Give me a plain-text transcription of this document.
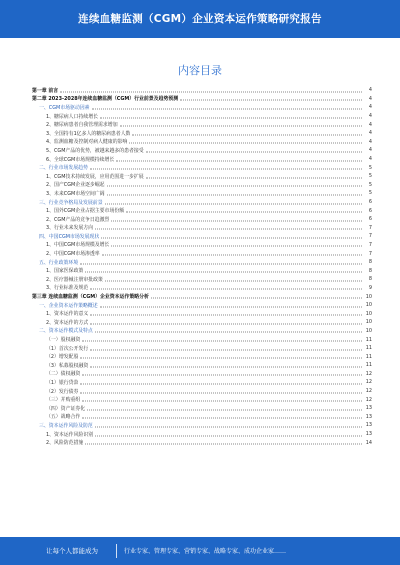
连续血糖监测（CGM）企业资本运作策略研究报告
内容目录
第一章 前言	4
第二章 2023-2028年连续血糖监测（CGM）行业前景及趋势预测	4
一、CGM市场驱动因素	4
1、糖尿病人口持续增长	4
2、糖尿病患者自我管理需求增加	4
3、全国持有1亿多人的糖尿病患者人数	4
4、监测血糖及控制对病人健康的影响	4
5、CGM产品的优势，被越来越多的患者接受	4
6、全球CGM市场规模持续增长	4
二、行业市场发展趋势	5
1、CGM技术持续发展，应用范围进一步扩展	5
2、国产CGM企业逐步崛起	5
3、未来CGM市场空间广阔	5
三、行业竞争格局及发展前景	6
1、国外CGM企业占据主要市场份额	6
2、CGM产品的竞争日趋激烈	6
3、行业未来发展方向	7
四、中国CGM市场发展现状	7
1、中国CGM市场规模及增长	7
2、中国CGM市场渗透率	7
五、行业政策环境	8
1、国家医保政策	8
2、医疗器械注册审批政策	8
3、行业标准及规范	9
第三章 连续血糖监测（CGM）企业资本运作策略分析	10
一、企业资本运作策略概述	10
1、资本运作的意义	10
2、资本运作的方式	10
二、资本运作模式及特点	10
（一）股权融资	11
（1）首次公开发行	11
（2）增发配股	11
（3）私募股权融资	11
（二）债权融资	12
（1）银行贷款	12
（2）发行债券	12
（三）并购重组	12
（四）资产证券化	13
（五）战略合作	13
三、资本运作风险及防范	13
1、资本运作风险识别	13
2、风险防范措施	14
让每个人都能成为	行业专家、管理专家、营销专家、战略专家、成功企业家……
